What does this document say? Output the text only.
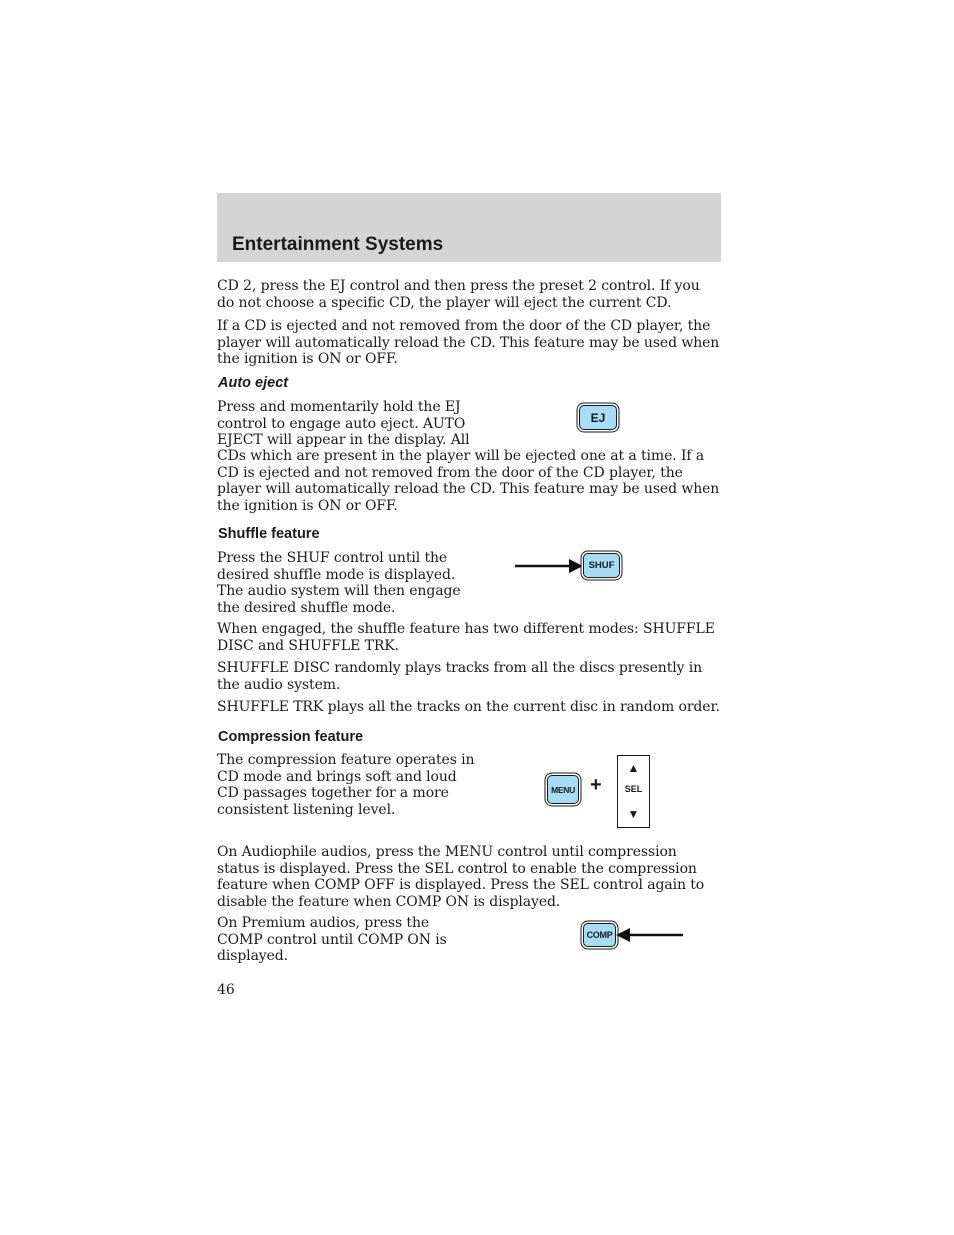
Entertainment Systems

CD 2, press the EJ control and then press the preset 2 control. If you do not choose a specific CD, the player will eject the current CD.

If a CD is ejected and not removed from the door of the CD player, the player will automatically reload the CD. This feature may be used when the ignition is ON or OFF.

Auto eject

Press and momentarily hold the EJ control to engage auto eject. AUTO EJECT will appear in the display. All

EJ

CDs which are present in the player will be ejected one at a time. If a CD is ejected and not removed from the door of the CD player, the player will automatically reload the CD. This feature may be used when the ignition is ON or OFF.

Shuffle feature

Press the SHUF control until the desired shuffle mode is displayed. The audio system will then engage the desired shuffle mode.

SHUF

When engaged, the shuffle feature has two different modes: SHUFFLE DISC and SHUFFLE TRK.

SHUFFLE DISC randomly plays tracks from all the discs presently in the audio system.

SHUFFLE TRK plays all the tracks on the current disc in random order.

Compression feature

The compression feature operates in CD mode and brings soft and loud CD passages together for a more consistent listening level.

MENU +
▲
SEL
▼

On Audiophile audios, press the MENU control until compression status is displayed. Press the SEL control to enable the compression feature when COMP OFF is displayed. Press the SEL control again to disable the feature when COMP ON is displayed.

On Premium audios, press the COMP control until COMP ON is displayed.

COMP

46
